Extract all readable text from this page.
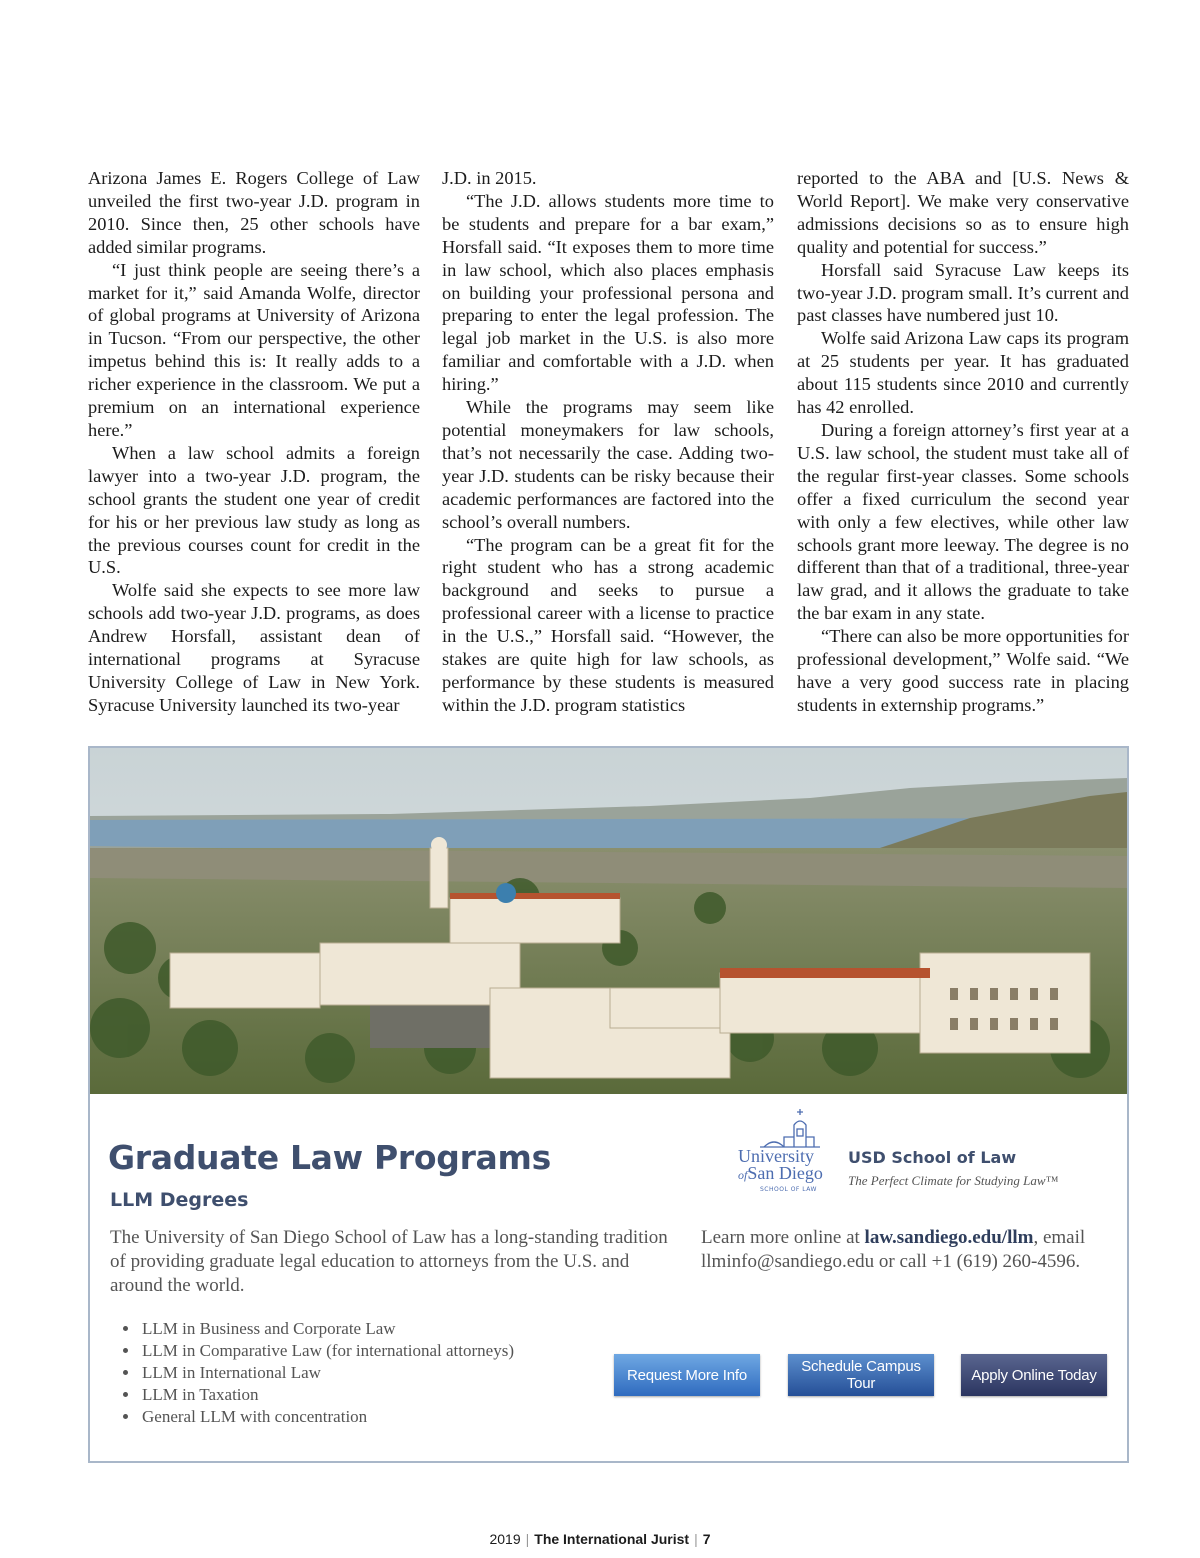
Arizona James E. Rogers College of Law unveiled the first two-year J.D. program in 2010. Since then, 25 other schools have added similar programs.

“I just think people are seeing there’s a market for it,” said Amanda Wolfe, director of global programs at University of Arizona in Tucson. “From our perspective, the other impetus behind this is: It really adds to a richer experience in the classroom. We put a premium on an international experience here.”

When a law school admits a foreign lawyer into a two-year J.D. program, the school grants the student one year of credit for his or her previous law study as long as the previous courses count for credit in the U.S.

Wolfe said she expects to see more law schools add two-year J.D. programs, as does Andrew Horsfall, assistant dean of international programs at Syracuse University College of Law in New York. Syracuse University launched its two-year

J.D. in 2015.

“The J.D. allows students more time to be students and prepare for a bar exam,” Horsfall said. “It exposes them to more time in law school, which also places emphasis on building your professional persona and preparing to enter the legal profession. The legal job market in the U.S. is also more familiar and comfortable with a J.D. when hiring.”

While the programs may seem like potential moneymakers for law schools, that’s not necessarily the case. Adding two-year J.D. students can be risky because their academic performances are factored into the school’s overall numbers.

“The program can be a great fit for the right student who has a strong academic background and seeks to pursue a professional career with a license to practice in the U.S.,” Horsfall said. “However, the stakes are quite high for law schools, as performance by these students is measured within the J.D. program statistics

reported to the ABA and [U.S. News & World Report]. We make very conservative admissions decisions so as to ensure high quality and potential for success.”

Horsfall said Syracuse Law keeps its two-year J.D. program small. It’s current and past classes have numbered just 10.

Wolfe said Arizona Law caps its program at 25 students per year. It has graduated about 115 students since 2010 and currently has 42 enrolled.

During a foreign attorney’s first year at a U.S. law school, the student must take all of the regular first-year classes. Some schools offer a fixed curriculum the second year with only a few electives, while other law schools grant more leeway. The degree is no different than that of a traditional, three-year law grad, and it allows the graduate to take the bar exam in any state.

“There can also be more opportunities for professional development,” Wolfe said. “We have a very good success rate in placing students in externship programs.”

Graduate Law Programs
LLM Degrees

The University of San Diego School of Law has a long-standing tradition of providing graduate legal education to attorneys from the U.S. and around the world.

• LLM in Business and Corporate Law
• LLM in Comparative Law (for international attorneys)
• LLM in International Law
• LLM in Taxation
• General LLM with concentration

University

ofSan Diego

SCHOOL OF LAW

USD School of Law

The Perfect Climate for Studying Law™

Learn more online at law.sandiego.edu/llm, email llminfo@sandiego.edu or call +1 (619) 260-4596.

Request More Info	Schedule Campus Tour	Apply Online Today
2019 | The International Jurist | 7
